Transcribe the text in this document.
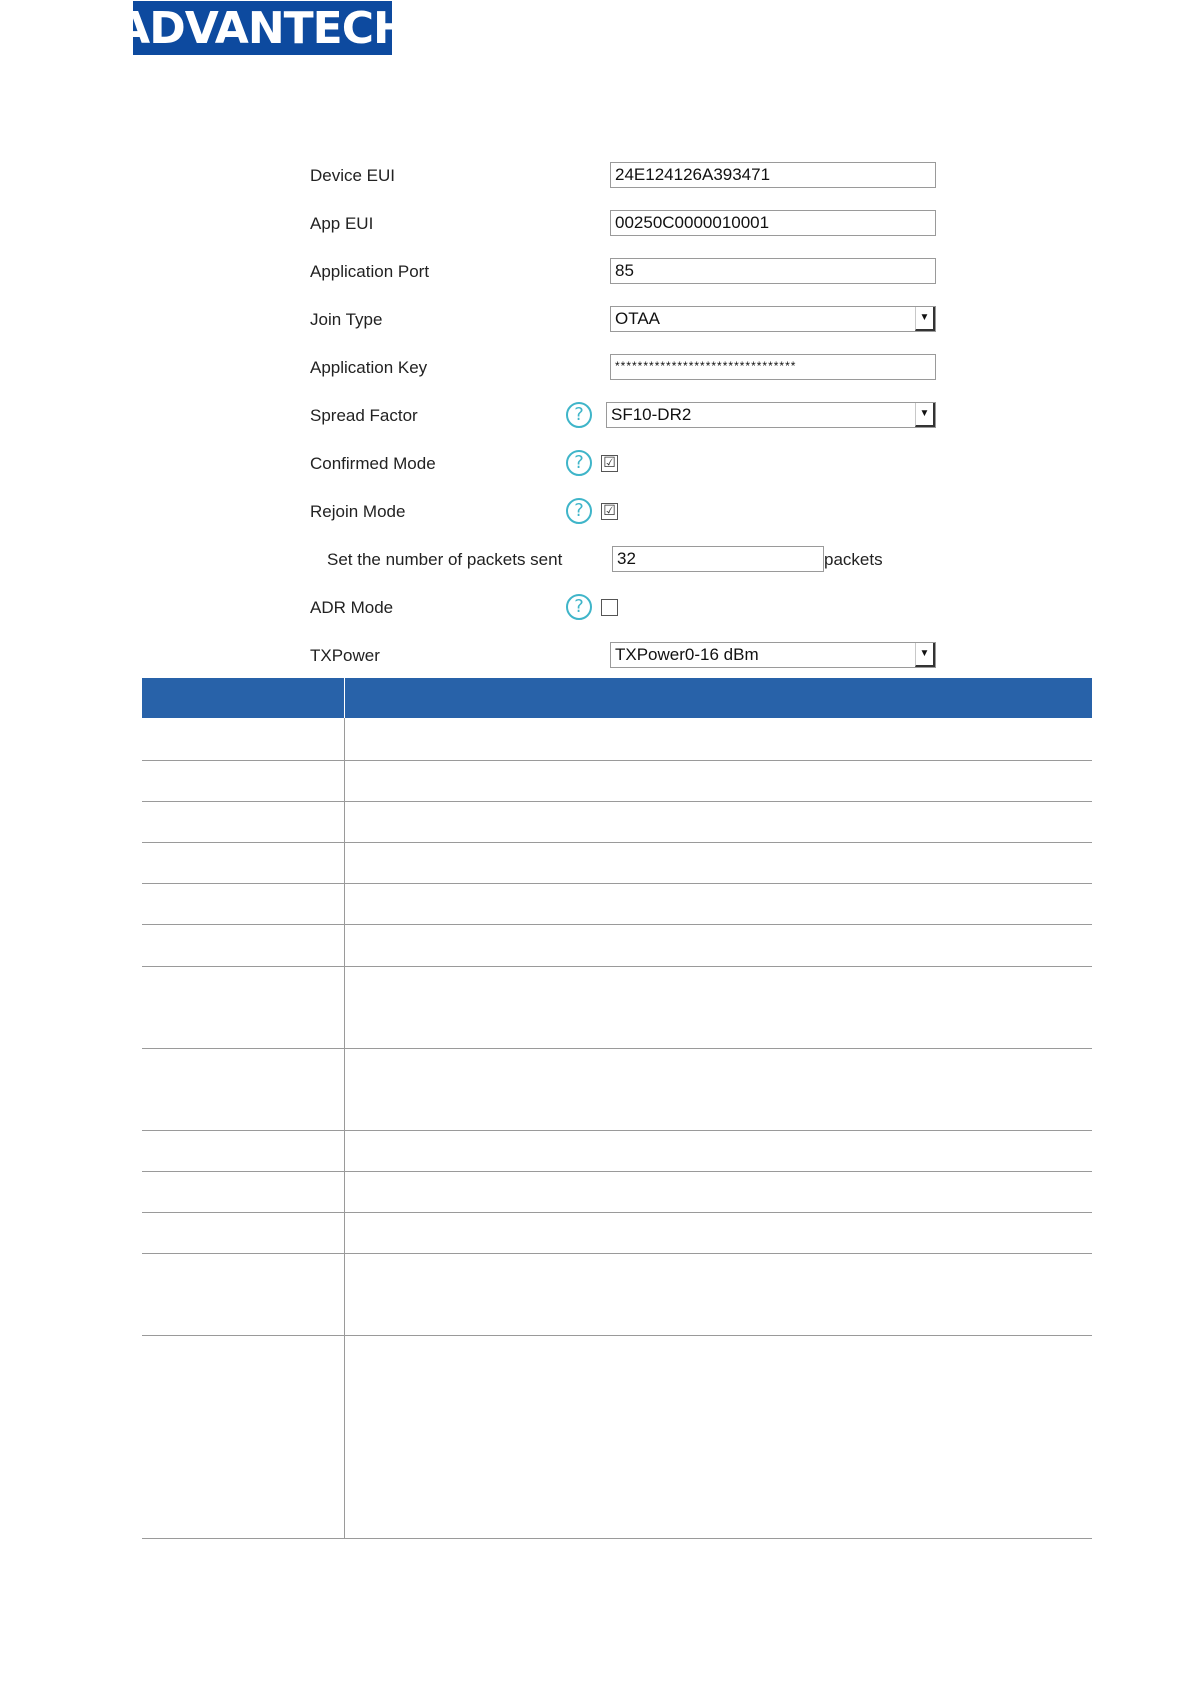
ADVANTECH
Device EUI	24E124126A393471
App EUI	00250C0000010001
Application Port	85
Join Type	OTAA	▼
Application Key	********************************
Spread Factor	?	SF10-DR2	▼
Confirmed Mode	?	☑
Rejoin Mode	?	☑
Set the number of packets sent	32	packets
ADR Mode	?
TXPower	TXPower0-16 dBm	▼
